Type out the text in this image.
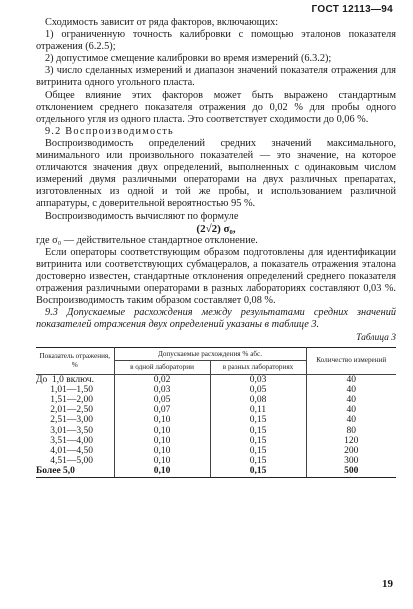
ГОСТ 12113—94

Сходимость зависит от ряда факторов, включающих:

1) ограниченную точность калибровки с помощью эталонов показателя отражения (6.2.5);

2) допустимое смещение калибровки во время измерений (6.3.2);

3) число сделанных измерений и диапазон значений показателя отражения для витринита одного угольного пласта.

Общее влияние этих факторов может быть выражено стандартным отклонением среднего показателя отражения до 0,02 % для пробы одного отдельного угля из одного пласта. Это соответствует сходимости до 0,06 %.

9.2 Воспроизводимость

Воспроизводимость определений средних значений максимального, минимального или произвольного показателей — это значение, на которое отличаются значения двух определений, выполненных с одинаковым числом измерений двумя различными операторами на двух различных препаратах, изготовленных из одной и той же пробы, и использованием различной аппаратуры, с доверительной вероятностью 95 %.

Воспроизводимость вычисляют по формуле

(2√2) σ₀,

где σ₀ — действительное стандартное отклонение.

Если операторы соответствующим образом подготовлены для идентификации витринита или соответствующих субмацералов, а показатель отражения эталона достоверно известен, стандартные отклонения определений среднего показателя отражения различными операторами в разных лабораториях составляют 0,03 %. Воспроизводимость таким образом составляет 0,08 %.

9.3 Допускаемые расхождения между результатами средних значений показателей отражения двух определений указаны в таблице 3.

Таблица 3
Показатель отражения, %	Допускаемые расхождения % абс.		Количество измерений
	в одной лаборатории	в разных лабораториях	
До  1,0 включ.	0,02	0,03	40
1,01—1,50	0,03	0,05	40
1,51—2,00	0,05	0,08	40
2,01—2,50	0,07	0,11	40
2,51—3,00	0,10	0,15	40
3,01—3,50	0,10	0,15	80
3,51—4,00	0,10	0,15	120
4,01—4,50	0,10	0,15	200
4,51—5,00	0,10	0,15	300
Более 5,0	0,10	0,15	500
19
